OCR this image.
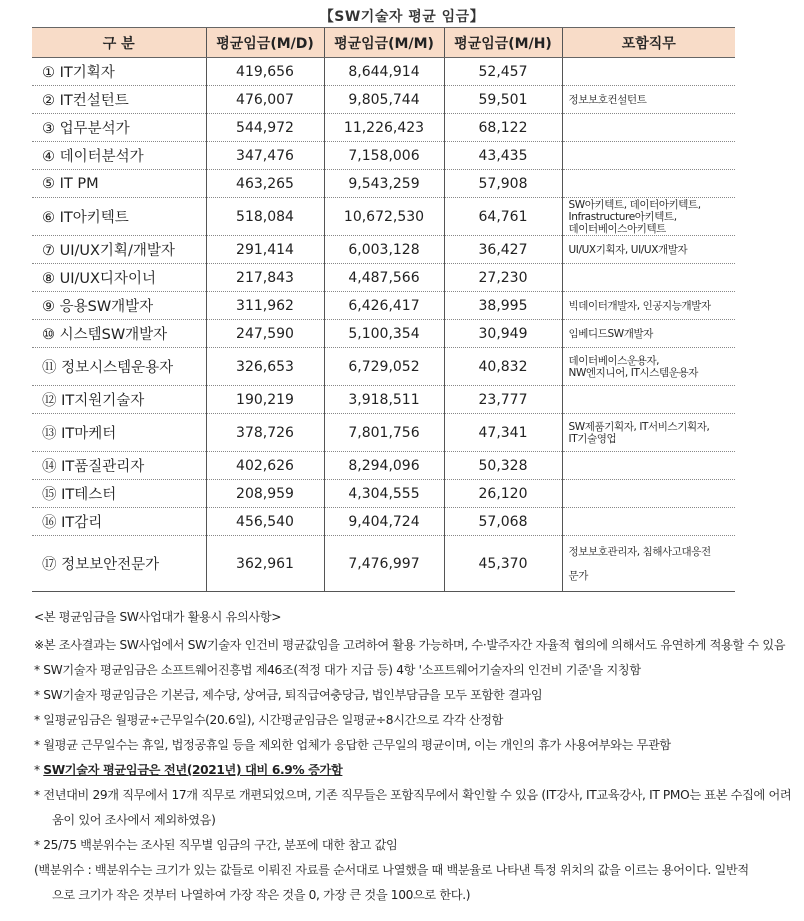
【SW기술자 평균 임금】
구 분	평균임금(M/D)	평균임금(M/M)	평균임금(M/H)	포함직무
① IT기획자	419,656	8,644,914	52,457	
② IT컨설턴트	476,007	9,805,744	59,501	정보보호컨설턴트
③ 업무분석가	544,972	11,226,423	68,122	
④ 데이터분석가	347,476	7,158,006	43,435	
⑤ IT PM	463,265	9,543,259	57,908	
⑥ IT아키텍트	518,084	10,672,530	64,761	SW아키텍트, 데이터아키텍트,
Infrastructure아키텍트,
데이터베이스아키텍트
⑦ UI/UX기획/개발자	291,414	6,003,128	36,427	UI/UX기획자, UI/UX개발자
⑧ UI/UX디자이너	217,843	4,487,566	27,230	
⑨ 응용SW개발자	311,962	6,426,417	38,995	빅데이터개발자, 인공지능개발자
⑩ 시스템SW개발자	247,590	5,100,354	30,949	임베디드SW개발자
⑪ 정보시스템운용자	326,653	6,729,052	40,832	데이터베이스운용자,
NW엔지니어, IT시스템운용자
⑫ IT지원기술자	190,219	3,918,511	23,777	
⑬ IT마케터	378,726	7,801,756	47,341	SW제품기획자, IT서비스기획자,
IT기술영업
⑭ IT품질관리자	402,626	8,294,096	50,328	
⑮ IT테스터	208,959	4,304,555	26,120	
⑯ IT감리	456,540	9,404,724	57,068	
⑰ 정보보안전문가	362,961	7,476,997	45,370	정보보호관리자, 침해사고대응전

문가

<본 평균임금을 SW사업대가 활용시 유의사항>

※본 조사결과는 SW사업에서 SW기술자 인건비 평균값임을 고려하여 활용 가능하며, 수·발주자간 자율적 협의에 의해서도 유연하게 적용할 수 있음

* SW기술자 평균임금은 소프트웨어진흥법 제46조(적정 대가 지급 등) 4항 '소프트웨어기술자의 인건비 기준'을 지칭함

* SW기술자 평균임금은 기본급, 제수당, 상여금, 퇴직급여충당금, 법인부담금을 모두 포함한 결과임

* 일평균임금은 월평균÷근무일수(20.6일), 시간평균임금은 일평균÷8시간으로 각각 산정함

* 월평균 근무일수는 휴일, 법정공휴일 등을 제외한 업체가 응답한 근무일의 평균이며, 이는 개인의 휴가 사용여부와는 무관함

* SW기술자 평균임금은 전년(2021년) 대비 6.9% 증가함

* 전년대비 29개 직무에서 17개 직무로 개편되었으며, 기존 직무들은 포함직무에서 확인할 수 있음 (IT강사, IT교육강사, IT PMO는 표본 수집에 어려

움이 있어 조사에서 제외하였음)

* 25/75 백분위수는 조사된 직무별 임금의 구간, 분포에 대한 참고 값임

(백분위수 : 백분위수는 크기가 있는 값들로 이뤄진 자료를 순서대로 나열했을 때 백분율로 나타낸 특정 위치의 값을 이르는 용어이다. 일반적

으로 크기가 작은 것부터 나열하여 가장 작은 것을 0, 가장 큰 것을 100으로 한다.)
